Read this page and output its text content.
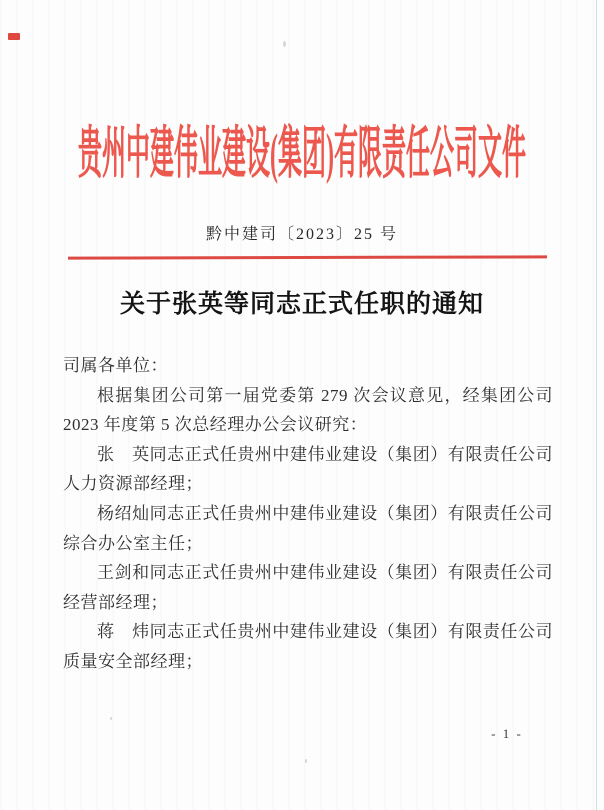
贵州中建伟业建设(集团)有限责任公司文件
黔中建司〔2023〕25 号
关于张英等同志正式任职的通知

司属各单位：

根据集团公司第一届党委第 279 次会议意见，经集团公司 2023 年度第 5 次总经理办公会议研究：

张　英同志正式任贵州中建伟业建设（集团）有限责任公司人力资源部经理；

杨绍灿同志正式任贵州中建伟业建设（集团）有限责任公司综合办公室主任；

王剑和同志正式任贵州中建伟业建设（集团）有限责任公司经营部经理；

蒋　炜同志正式任贵州中建伟业建设（集团）有限责任公司质量安全部经理；

- 1 -
